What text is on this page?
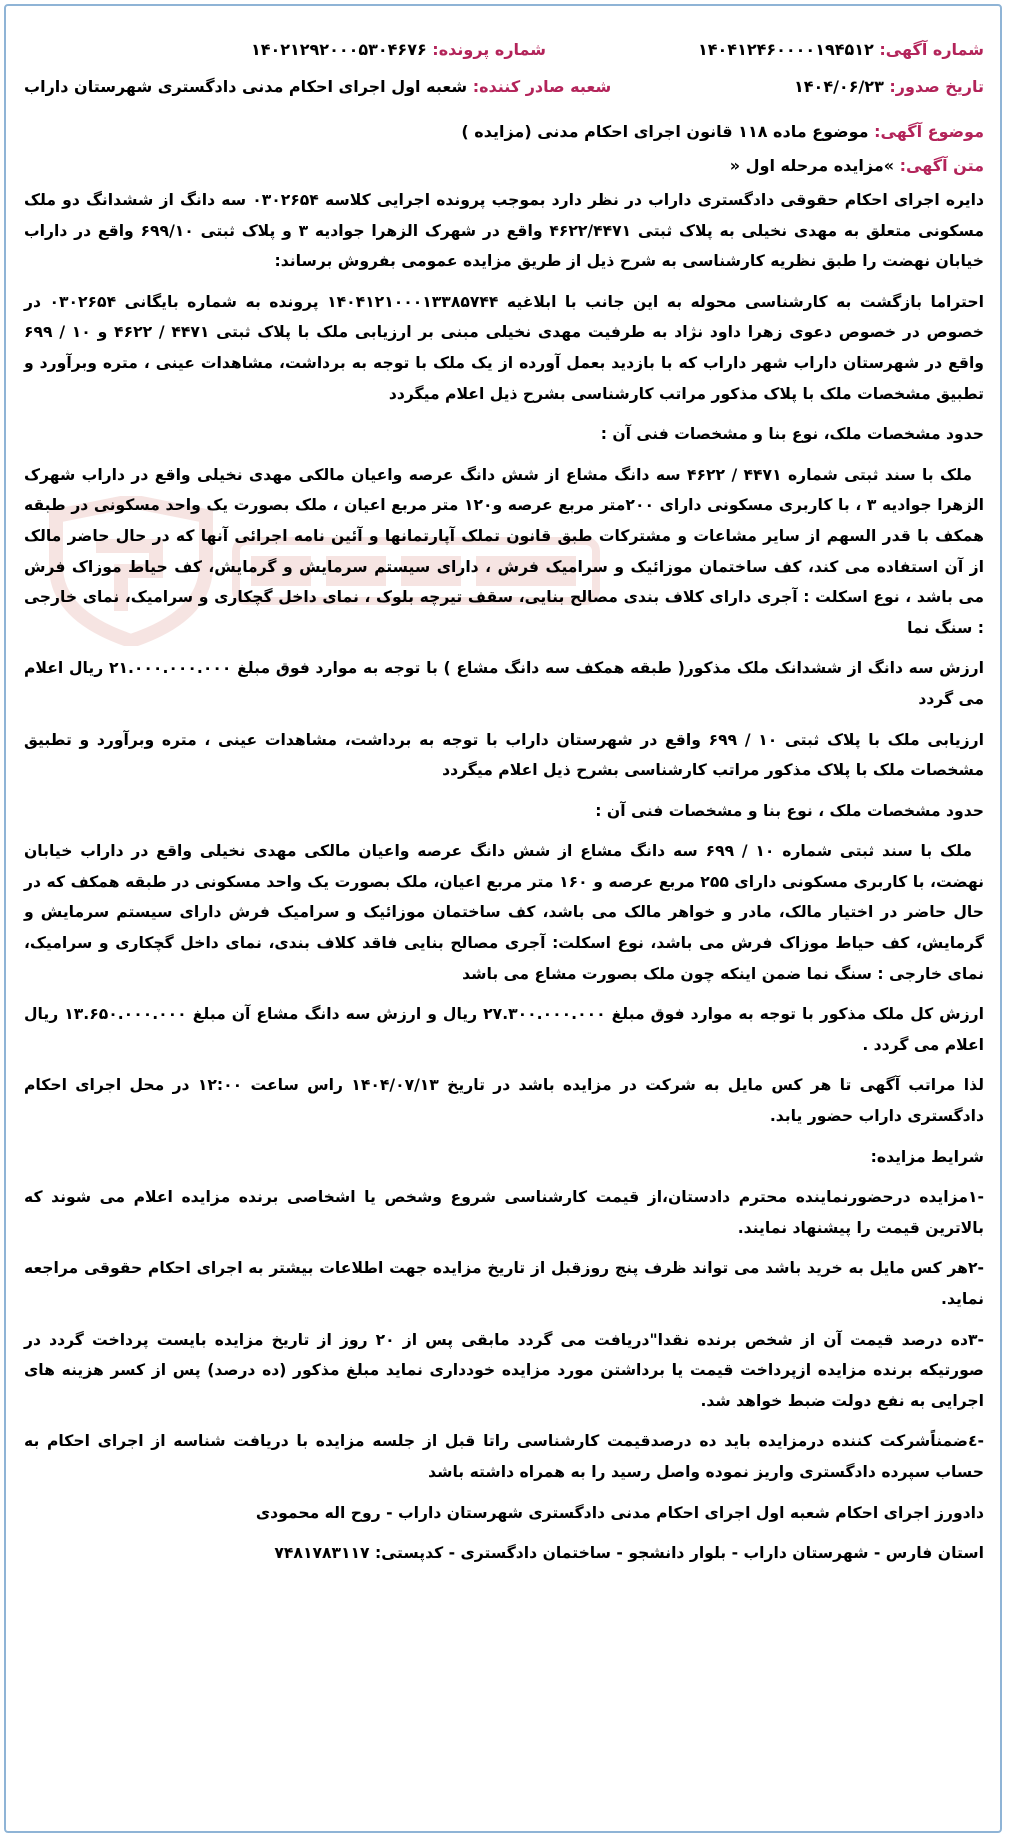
شماره آگهی: ۱۴۰۴۱۲۴۶۰۰۰۰۱۹۴۵۱۲
شماره پرونده: ۱۴۰۲۱۲۹۲۰۰۰۵۳۰۴۶۷۶
تاریخ صدور: ۱۴۰۴/۰۶/۲۳
شعبه صادر کننده: شعبه اول اجرای احکام مدنی دادگستری شهرستان داراب
موضوع آگهی: موضوع ماده ۱۱۸ قانون اجرای احکام مدنی (مزایده )
متن آگهی: »مزایده مرحله اول «

دایره اجرای احکام حقوقی دادگستری داراب در نظر دارد بموجب پرونده اجرایی کلاسه ۰۳۰۲۶۵۴ سه دانگ از ششدانگ دو ملک مسکونی متعلق به مهدی نخیلی به پلاک ثبتی ۴۶۲۲/۴۴۷۱ واقع در شهرک الزهرا جوادیه ۳ و پلاک ثبتی ۶۹۹/۱۰ واقع در داراب خیابان نهضت را طبق نظریه کارشناسی به شرح ذیل از طریق مزایده عمومی بفروش برساند:

احتراما بازگشت به کارشناسی محوله به این جانب با ابلاغیه ۱۴۰۴۱۲۱۰۰۰۱۳۳۸۵۷۴۴ پرونده به شماره بایگانی ۰۳۰۲۶۵۴ در خصوص در خصوص دعوی زهرا داود نژاد به طرفیت مهدی نخیلی مبنی بر ارزیابی ملک با پلاک ثبتی ۴۴۷۱ / ۴۶۲۲ و ۱۰ / ۶۹۹ واقع در شهرستان داراب شهر داراب که با بازدید بعمل آورده از یک ملک با توجه به برداشت، مشاهدات عینی ، متره وبرآورد و تطبیق مشخصات ملک با پلاک مذکور مراتب کارشناسی بشرح ذیل اعلام میگردد

حدود مشخصات ملک، نوع بنا و مشخصات فنی آن :

ملک با سند ثبتی شماره ۴۴۷۱ / ۴۶۲۲ سه دانگ مشاع از شش دانگ عرصه واعیان مالکی مهدی نخیلی واقع در داراب شهرک الزهرا جوادیه ۳ ، با کاربری مسکونی دارای ۲۰۰متر مربع عرصه و۱۲۰ متر مربع اعیان ، ملک بصورت یک واحد مسکونی در طبقه همکف با قدر السهم از سایر مشاعات و مشترکات طبق قانون تملک آپارتمانها و آئین نامه اجرائی آنها که در حال حاضر مالک از آن استفاده می کند، کف ساختمان موزائیک و سرامیک فرش ، دارای سیستم سرمایش و گرمایش، کف حیاط موزاک فرش می باشد ، نوع اسکلت : آجری دارای کلاف بندی مصالح بنایی، سقف تیرچه بلوک ، نمای داخل گچکاری و سرامیک، نمای خارجی : سنگ نما

ارزش سه دانگ از ششدانک ملک مذکور( طبقه همکف سه دانگ مشاع ) با توجه به موارد فوق مبلغ ۲۱.۰۰۰.۰۰۰.۰۰۰ ریال اعلام می گردد

ارزیابی ملک با پلاک ثبتی ۱۰ / ۶۹۹ واقع در شهرستان داراب با توجه به برداشت، مشاهدات عینی ، متره وبرآورد و تطبیق مشخصات ملک با پلاک مذکور مراتب کارشناسی بشرح ذیل اعلام میگردد

حدود مشخصات ملک ، نوع بنا و مشخصات فنی آن :

ملک با سند ثبتی شماره ۱۰ / ۶۹۹ سه دانگ مشاع از شش دانگ عرصه واعیان مالکی مهدی نخیلی واقع در داراب خیابان نهضت، با کاربری مسکونی دارای ۲۵۵ مربع عرصه و ۱۶۰ متر مربع اعیان، ملک بصورت یک واحد مسکونی در طبقه همکف که در حال حاضر در اختیار مالک، مادر و خواهر مالک می باشد، کف ساختمان موزائیک و سرامیک فرش دارای سیستم سرمایش و گرمایش، کف حیاط موزاک فرش می باشد، نوع اسکلت: آجری مصالح بنایی فاقد کلاف بندی، نمای داخل گچکاری و سرامیک، نمای خارجی : سنگ نما ضمن اینکه چون ملک بصورت مشاع می باشد

ارزش کل ملک مذکور با توجه به موارد فوق مبلغ ۲۷.۳۰۰.۰۰۰.۰۰۰ ریال و ارزش سه دانگ مشاع آن مبلغ ۱۳.۶۵۰.۰۰۰.۰۰۰ ریال اعلام می گردد .

لذا مراتب آگهی تا هر کس مایل به شرکت در مزایده باشد در تاریخ ۱۴۰۴/۰۷/۱۳ راس ساعت ۱۲:۰۰ در محل اجرای احکام دادگستری داراب حضور یابد.

شرایط مزایده:

-۱مزایده درحضورنماینده محترم دادستان،از قیمت کارشناسی شروع وشخص یا اشخاصی برنده مزایده اعلام می شوند که بالاترین قیمت را پیشنهاد نمایند.

-۲هر کس مایل به خرید باشد می تواند ظرف پنج روزقبل از تاریخ مزایده جهت اطلاعات بیشتر به اجرای احکام حقوقی مراجعه نماید.

-۳ده درصد قیمت آن از شخص برنده نقدا"دریافت می گردد مابقی پس از ۲۰ روز از تاریخ مزایده بایست پرداخت گردد در صورتیکه برنده مزایده ازپرداخت قیمت یا برداشتن مورد مزایده خودداری نماید مبلغ مذکور (ده درصد) پس از کسر هزینه های اجرایی به نفع دولت ضبط خواهد شد.

-٤ضمناًشرکت کننده درمزایده باید ده درصدقیمت کارشناسی راتا قبل از جلسه مزایده با دریافت شناسه از اجرای احکام به حساب سپرده دادگستری واریز نموده واصل رسید را به همراه داشته باشد

دادورز اجرای احکام شعبه اول اجرای احکام مدنی دادگستری شهرستان داراب - روح اله محمودی

استان فارس - شهرستان داراب - بلوار دانشجو - ساختمان دادگستری - کدپستی: ۷۴۸۱۷۸۳۱۱۷
